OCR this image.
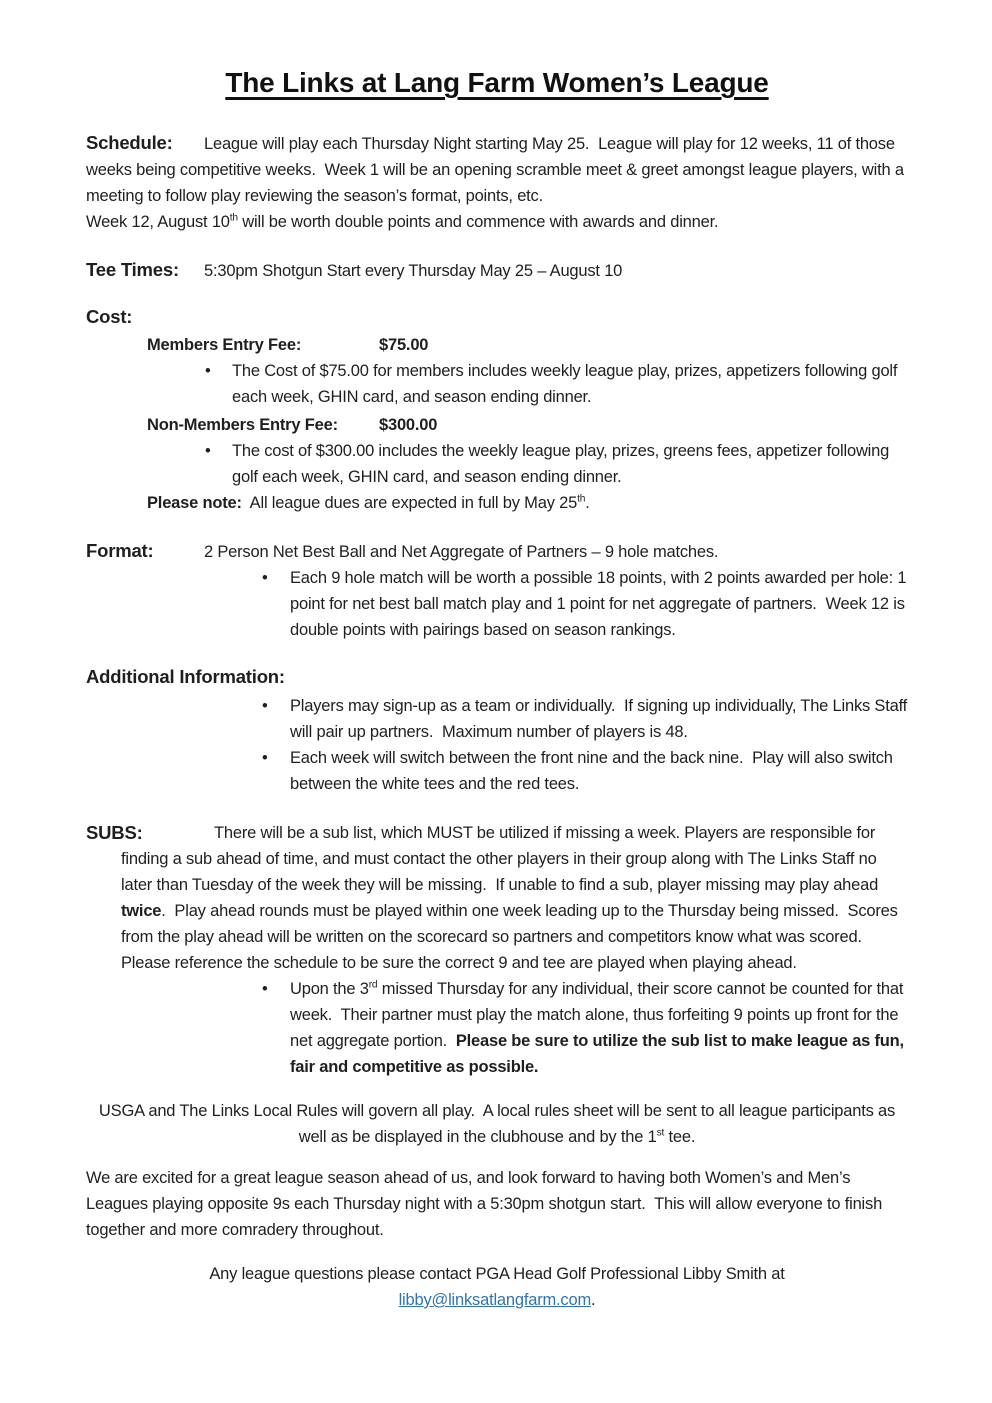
The Links at Lang Farm Women’s League

Schedule: League will play each Thursday Night starting May 25.  League will play for 12 weeks, 11 of those weeks being competitive weeks.  Week 1 will be an opening scramble meet & greet amongst league players, with a meeting to follow play reviewing the season’s format, points, etc.
Week 12, August 10th will be worth double points and commence with awards and dinner.

Tee Times: 5:30pm Shotgun Start every Thursday May 25 – August 10

Cost:

Members Entry Fee:	$75.00

•	The Cost of $75.00 for members includes weekly league play, prizes, appetizers following golf each week, GHIN card, and season ending dinner.

Non-Members Entry Fee: $300.00

•	The cost of $300.00 includes the weekly league play, prizes, greens fees, appetizer following golf each week, GHIN card, and season ending dinner.

Please note:  All league dues are expected in full by May 25th.

Format:	2 Person Net Best Ball and Net Aggregate of Partners – 9 hole matches.

•	Each 9 hole match will be worth a possible 18 points, with 2 points awarded per hole: 1 point for net best ball match play and 1 point for net aggregate of partners.  Week 12 is double points with pairings based on season rankings.

Additional Information:

•	Players may sign-up as a team or individually.  If signing up individually, The Links Staff will pair up partners.  Maximum number of players is 48.
•	Each week will switch between the front nine and the back nine.  Play will also switch between the white tees and the red tees.

SUBS:	There will be a sub list, which MUST be utilized if missing a week. Players are responsible for finding a sub ahead of time, and must contact the other players in their group along with The Links Staff no later than Tuesday of the week they will be missing.  If unable to find a sub, player missing may play ahead twice.  Play ahead rounds must be played within one week leading up to the Thursday being missed.  Scores from the play ahead will be written on the scorecard so partners and competitors know what was scored.  Please reference the schedule to be sure the correct 9 and tee are played when playing ahead.

•	Upon the 3rd missed Thursday for any individual, their score cannot be counted for that week.  Their partner must play the match alone, thus forfeiting 9 points up front for the net aggregate portion.  Please be sure to utilize the sub list to make league as fun, fair and competitive as possible.

USGA and The Links Local Rules will govern all play.  A local rules sheet will be sent to all league participants as well as be displayed in the clubhouse and by the 1st tee.

We are excited for a great league season ahead of us, and look forward to having both Women’s and Men’s Leagues playing opposite 9s each Thursday night with a 5:30pm shotgun start.  This will allow everyone to finish together and more comradery throughout.

Any league questions please contact PGA Head Golf Professional Libby Smith at
libby@linksatlangfarm.com.
